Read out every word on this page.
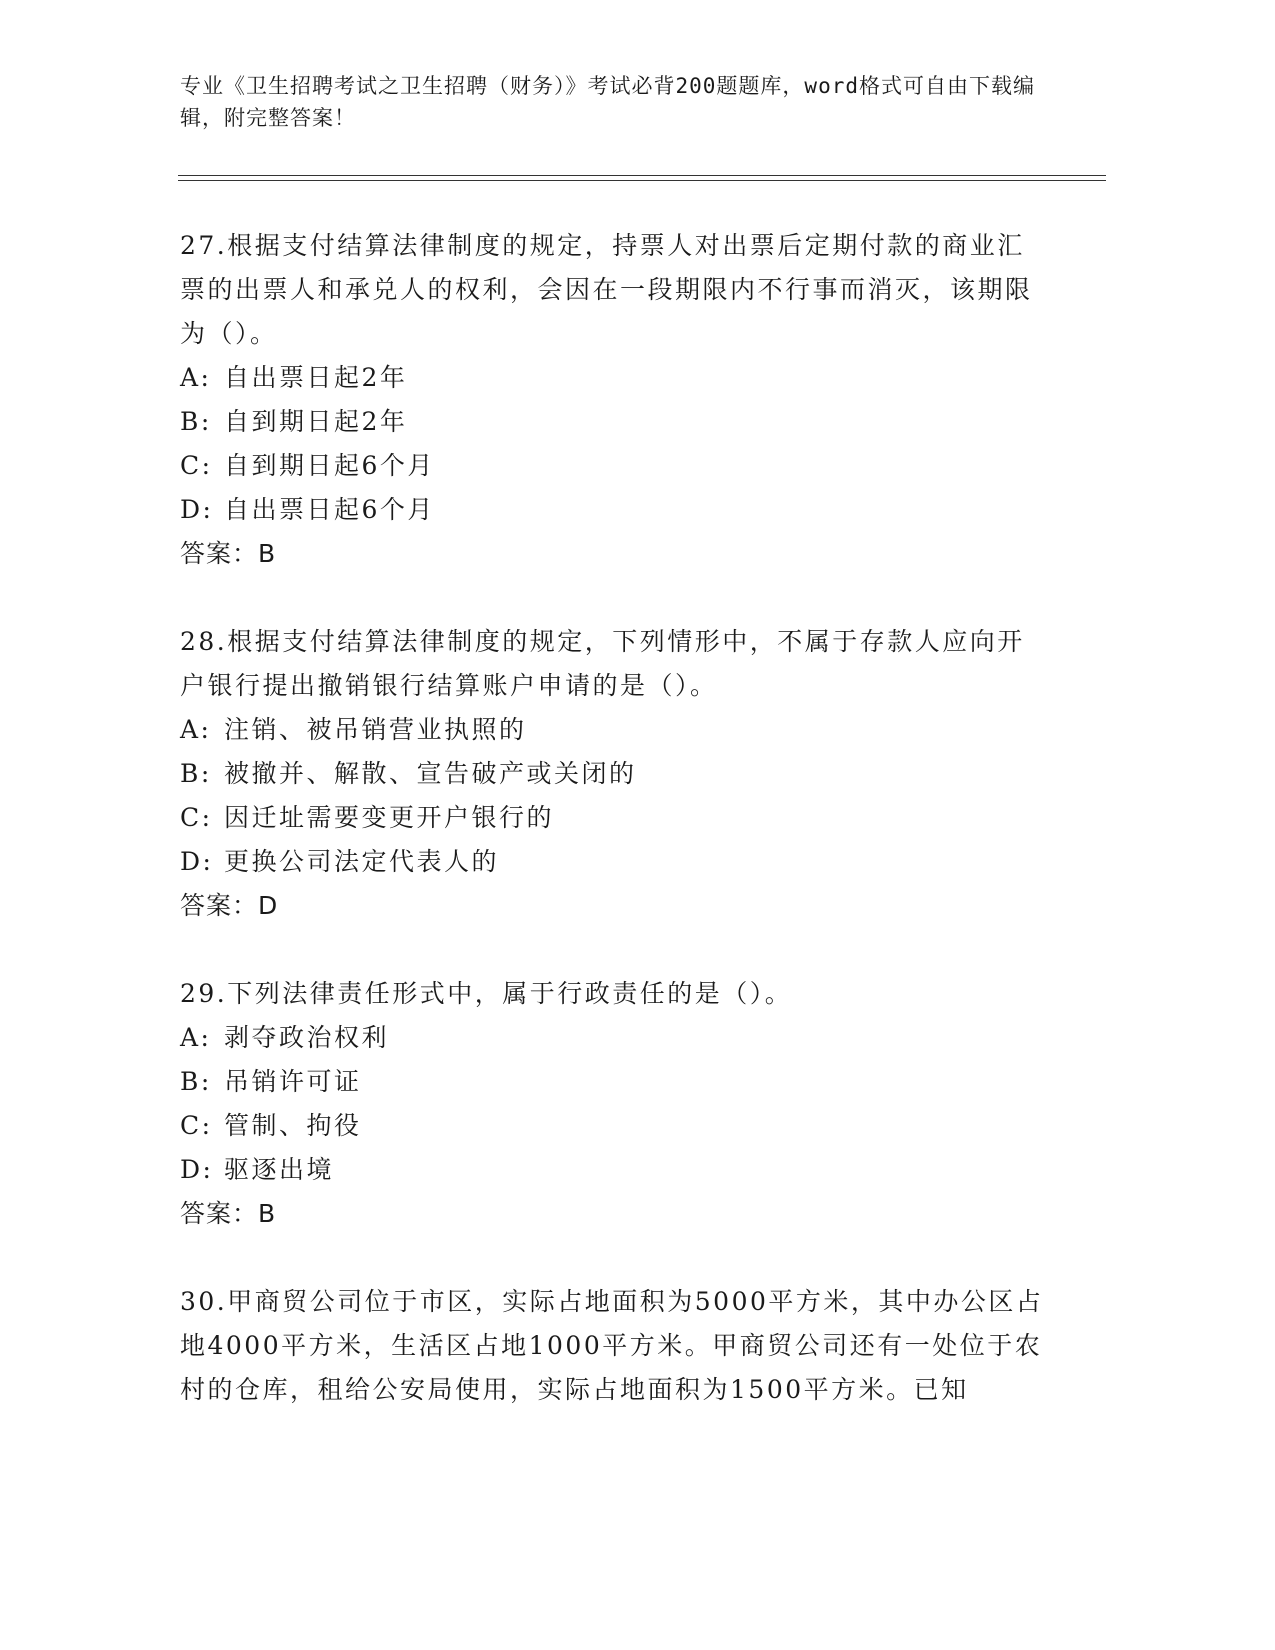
专业《卫生招聘考试之卫生招聘（财务）》考试必背200题题库，word格式可自由下载编辑，附完整答案！

27.根据支付结算法律制度的规定，持票人对出票后定期付款的商业汇票的出票人和承兑人的权利，会因在一段期限内不行事而消灭，该期限为（）。

A: 自出票日起2年

B: 自到期日起2年

C: 自到期日起6个月

D: 自出票日起6个月

答案：B

28.根据支付结算法律制度的规定，下列情形中，不属于存款人应向开户银行提出撤销银行结算账户申请的是（）。

A: 注销、被吊销营业执照的

B: 被撤并、解散、宣告破产或关闭的

C: 因迁址需要变更开户银行的

D: 更换公司法定代表人的

答案：D

29.下列法律责任形式中，属于行政责任的是（）。

A: 剥夺政治权利

B: 吊销许可证

C: 管制、拘役

D: 驱逐出境

答案：B

30.甲商贸公司位于市区，实际占地面积为5000平方米，其中办公区占地4000平方米，生活区占地1000平方米。甲商贸公司还有一处位于农村的仓库，租给公安局使用，实际占地面积为1500平方米。已知
